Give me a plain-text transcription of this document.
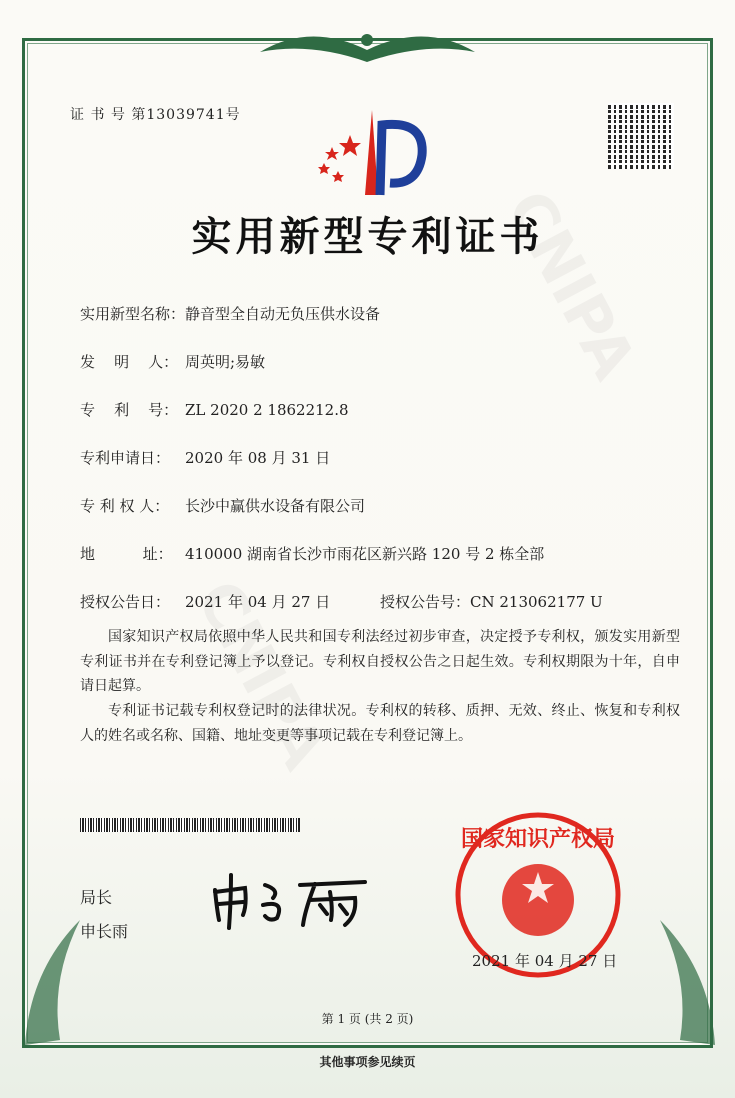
证 书 号 第13039741号
实用新型专利证书
实用新型名称：静音型全自动无负压供水设备
发    明    人： 周英明;易敏
专    利    号： ZL 2020 2 1862212.8
专利申请日： 2020 年 08 月 31 日
专 利 权 人： 长沙中赢供水设备有限公司
地          址： 410000 湖南省长沙市雨花区新兴路 120 号 2 栋全部
授权公告日： 2021 年 04 月 27 日	授权公告号：CN 213062177 U
国家知识产权局依照中华人民共和国专利法经过初步审查，决定授予专利权，颁发实用新型专利证书并在专利登记簿上予以登记。专利权自授权公告之日起生效。专利权期限为十年，自申请日起算。
专利证书记载专利权登记时的法律状况。专利权的转移、质押、无效、终止、恢复和专利权人的姓名或名称、国籍、地址变更等事项记载在专利登记簿上。
局长
申长雨
国家知识产权局
2021 年 04 月 27 日
第 1 页 (共 2 页)
其他事项参见续页
